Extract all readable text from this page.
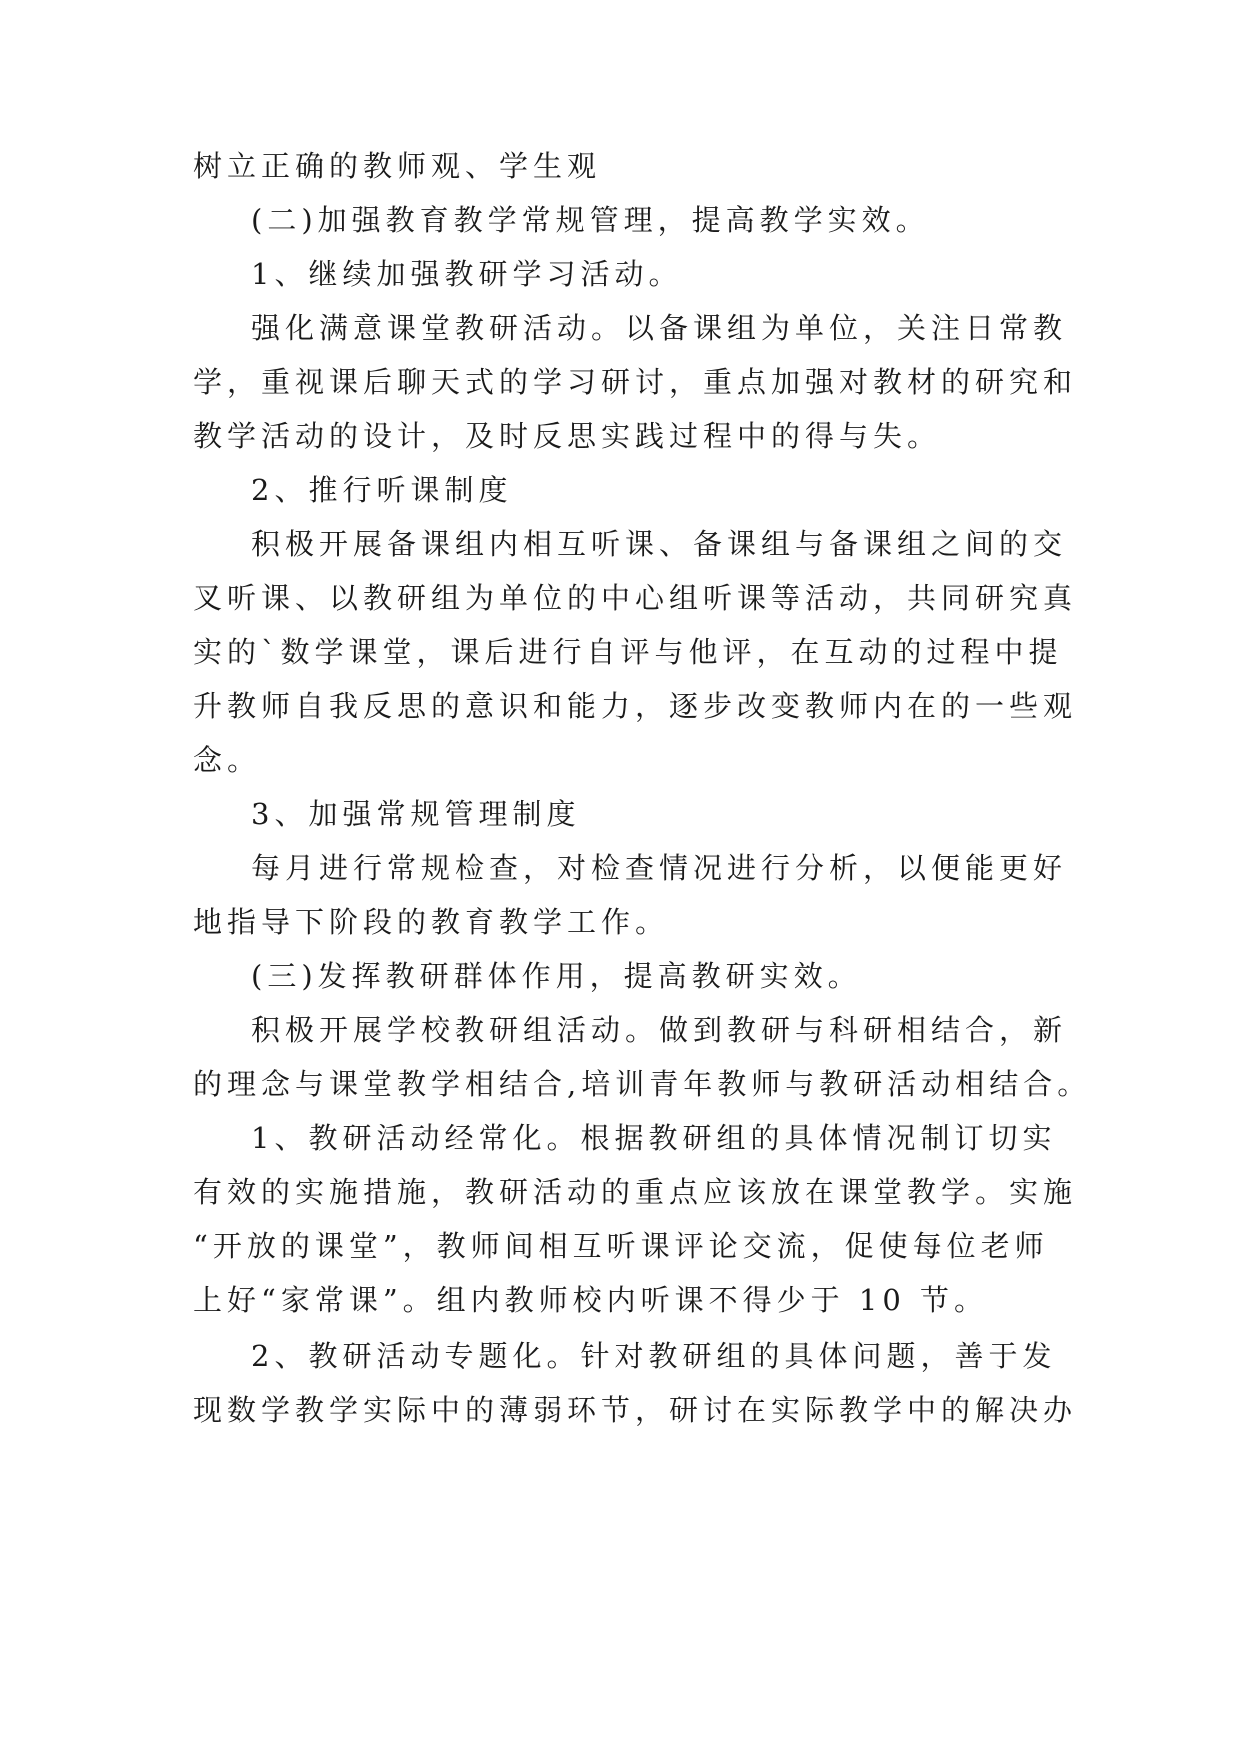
树立正确的教师观、学生观

(二)加强教育教学常规管理，提高教学实效。

1、继续加强教研学习活动。

强化满意课堂教研活动。以备课组为单位，关注日常教

学，重视课后聊天式的学习研讨，重点加强对教材的研究和

教学活动的设计，及时反思实践过程中的得与失。

2、推行听课制度

积极开展备课组内相互听课、备课组与备课组之间的交

叉听课、以教研组为单位的中心组听课等活动，共同研究真

实的`数学课堂，课后进行自评与他评，在互动的过程中提

升教师自我反思的意识和能力，逐步改变教师内在的一些观

念。

3、加强常规管理制度

每月进行常规检查，对检查情况进行分析，以便能更好

地指导下阶段的教育教学工作。

(三)发挥教研群体作用，提高教研实效。

积极开展学校教研组活动。做到教研与科研相结合，新

的理念与课堂教学相结合,培训青年教师与教研活动相结合。

1、教研活动经常化。根据教研组的具体情况制订切实

有效的实施措施，教研活动的重点应该放在课堂教学。实施

“开放的课堂”，教师间相互听课评论交流，促使每位老师

上好“家常课”。组内教师校内听课不得少于 10 节。

2、教研活动专题化。针对教研组的具体问题，善于发

现数学教学实际中的薄弱环节，研讨在实际教学中的解决办
